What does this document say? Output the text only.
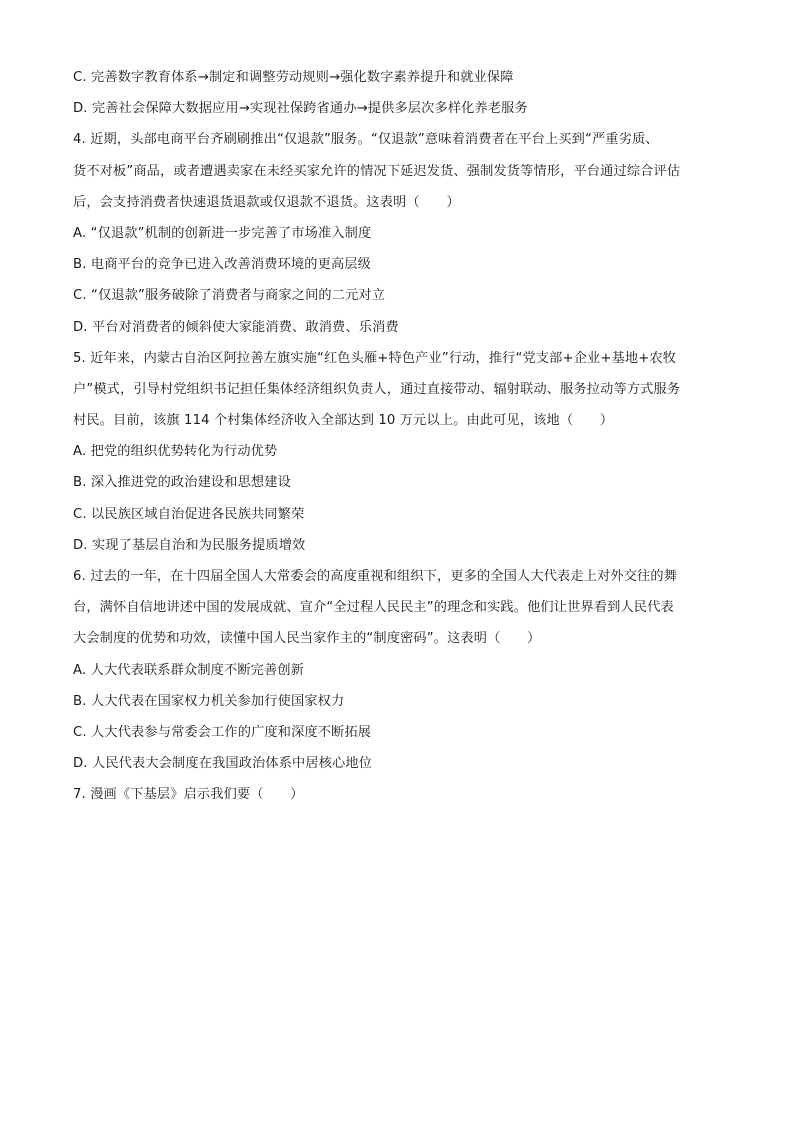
C. 完善数字教育体系→制定和调整劳动规则→强化数字素养提升和就业保障
D. 完善社会保障大数据应用→实现社保跨省通办→提供多层次多样化养老服务
4. 近期，头部电商平台齐刷刷推出“仅退款”服务。“仅退款”意味着消费者在平台上买到“严重劣质、
货不对板”商品，或者遭遇卖家在未经买家允许的情况下延迟发货、强制发货等情形，平台通过综合评估
后，会支持消费者快速退货退款或仅退款不退货。这表明（　　）
A. “仅退款”机制的创新进一步完善了市场准入制度
B. 电商平台的竞争已进入改善消费环境的更高层级
C. “仅退款”服务破除了消费者与商家之间的二元对立
D. 平台对消费者的倾斜使大家能消费、敢消费、乐消费
5. 近年来，内蒙古自治区阿拉善左旗实施“红色头雁+特色产业”行动，推行“党支部+企业+基地+农牧
户”模式，引导村党组织书记担任集体经济组织负责人，通过直接带动、辐射联动、服务拉动等方式服务
村民。目前，该旗 114 个村集体经济收入全部达到 10 万元以上。由此可见，该地（　　）
A. 把党的组织优势转化为行动优势
B. 深入推进党的政治建设和思想建设
C. 以民族区域自治促进各民族共同繁荣
D. 实现了基层自治和为民服务提质增效
6. 过去的一年，在十四届全国人大常委会的高度重视和组织下，更多的全国人大代表走上对外交往的舞
台，满怀自信地讲述中国的发展成就、宣介“全过程人民民主”的理念和实践。他们让世界看到人民代表
大会制度的优势和功效，读懂中国人民当家作主的“制度密码”。这表明（　　）
A. 人大代表联系群众制度不断完善创新
B. 人大代表在国家权力机关参加行使国家权力
C. 人大代表参与常委会工作的广度和深度不断拓展
D. 人民代表大会制度在我国政治体系中居核心地位
7. 漫画《下基层》启示我们要（　　）
